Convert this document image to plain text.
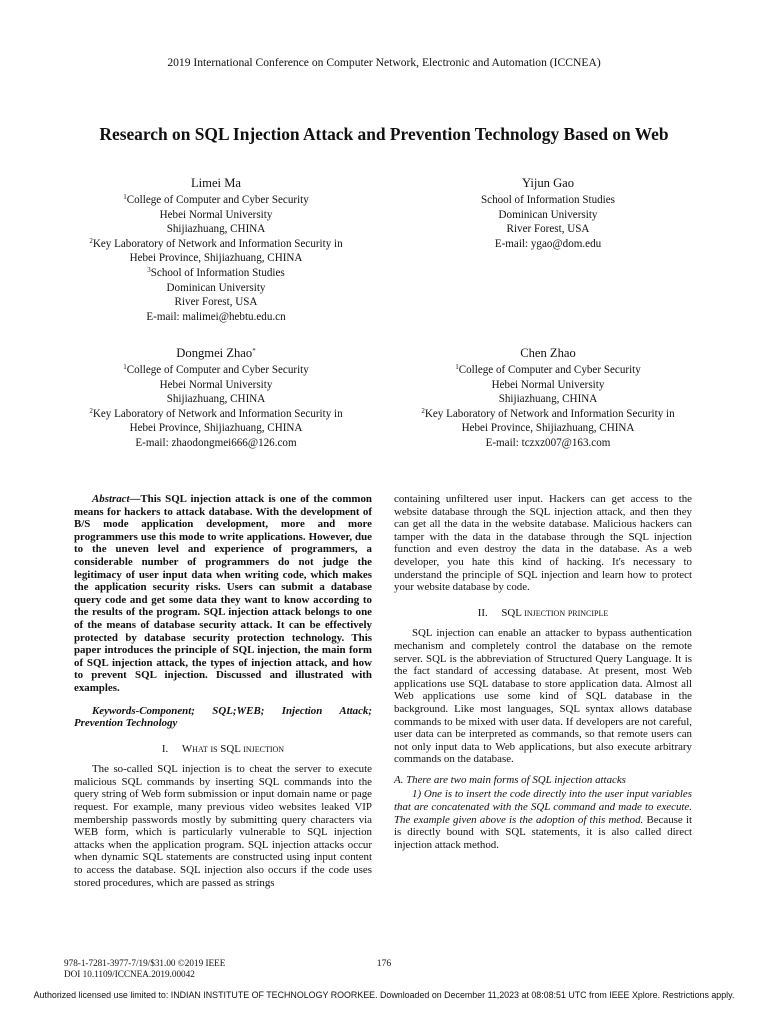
2019 International Conference on Computer Network, Electronic and Automation (ICCNEA)
Research on SQL Injection Attack and Prevention Technology Based on Web
Limei Ma
$^1$College of Computer and Cyber Security
Hebei Normal University
Shijiazhuang, CHINA
$^2$Key Laboratory of Network and Information Security in
Hebei Province, Shijiazhuang, CHINA
$^3$School of Information Studies
Dominican University
River Forest, USA
E-mail: malimei@hebtu.edu.cn
Yijun Gao
School of Information Studies
Dominican University
River Forest, USA
E-mail: ygao@dom.edu
Dongmei Zhao*
$^1$College of Computer and Cyber Security
Hebei Normal University
Shijiazhuang, CHINA
$^2$Key Laboratory of Network and Information Security in
Hebei Province, Shijiazhuang, CHINA
E-mail: zhaodongmei666@126.com
Chen Zhao
$^1$College of Computer and Cyber Security
Hebei Normal University
Shijiazhuang, CHINA
$^2$Key Laboratory of Network and Information Security in
Hebei Province, Shijiazhuang, CHINA
E-mail: tczxz007@163.com

Abstract—This SQL injection attack is one of the common means for hackers to attack database. With the development of B/S mode application development, more and more programmers use this mode to write applications. However, due to the uneven level and experience of programmers, a considerable number of programmers do not judge the legitimacy of user input data when writing code, which makes the application security risks. Users can submit a database query code and get some data they want to know according to the results of the program. SQL injection attack belongs to one of the means of database security attack. It can be effectively protected by database security protection technology. This paper introduces the principle of SQL injection, the main form of SQL injection attack, the types of injection attack, and how to prevent SQL injection. Discussed and illustrated with examples.

Keywords-Component; SQL;WEB; Injection Attack; Prevention Technology

I. What is SQL injection

The so-called SQL injection is to cheat the server to execute malicious SQL commands by inserting SQL commands into the query string of Web form submission or input domain name or page request. For example, many previous video websites leaked VIP membership passwords mostly by submitting query characters via WEB form, which is particularly vulnerable to SQL injection attacks when the application program. SQL injection attacks occur when dynamic SQL statements are constructed using input content to access the database. SQL injection also occurs if the code uses stored procedures, which are passed as strings

containing unfiltered user input. Hackers can get access to the website database through the SQL injection attack, and then they can get all the data in the website database. Malicious hackers can tamper with the data in the database through the SQL injection function and even destroy the data in the database. As a web developer, you hate this kind of hacking. It's necessary to understand the principle of SQL injection and learn how to protect your website database by code.

II. SQL injection principle

SQL injection can enable an attacker to bypass authentication mechanism and completely control the database on the remote server. SQL is the abbreviation of Structured Query Language. It is the fact standard of accessing database. At present, most Web applications use SQL database to store application data. Almost all Web applications use some kind of SQL database in the background. Like most languages, SQL syntax allows database commands to be mixed with user data. If developers are not careful, user data can be interpreted as commands, so that remote users can not only input data to Web applications, but also execute arbitrary commands on the database.

A. There are two main forms of SQL injection attacks

1) One is to insert the code directly into the user input variables that are concatenated with the SQL command and made to execute. The example given above is the adoption of this method. Because it is directly bound with SQL statements, it is also called direct injection attack method.

978-1-7281-3977-7/19/$31.00 ©2019 IEEE
DOI 10.1109/ICCNEA.2019.00042
176
Authorized licensed use limited to: INDIAN INSTITUTE OF TECHNOLOGY ROORKEE. Downloaded on December 11,2023 at 08:08:51 UTC from IEEE Xplore. Restrictions apply.
